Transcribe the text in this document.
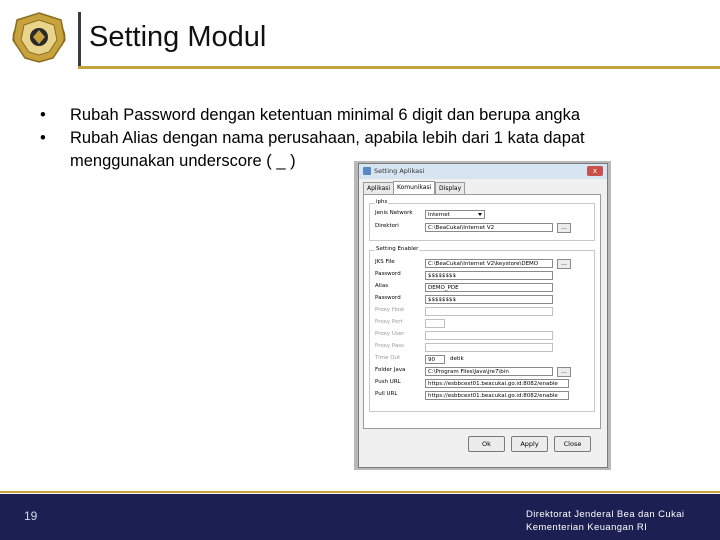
Setting Modul
• Rubah Password dengan ketentuan minimal 6 digit dan berupa angka
• Rubah Alias dengan nama perusahaan, apabila lebih dari 1 kata dapat menggunakan underscore ( _ )
Setting Aplikasi	x
Aplikasi	Komunikasi	Display
iphs
Jenis Network	Internet
Direktori	C:\BeaCukai\Internet V2	...
Setting Enabler
JKS File	C:\BeaCukai\Internet V2\keystore\DEMO	...
Password	$$$$$$$$
Alias	DEMO_PDE
Password	$$$$$$$$
Proxy Host
Proxy Port
Proxy User
Proxy Pass
Time Out	90	detik
Folder Java	C:\Program Files\Java\jre7\bin	...
Push URL	https://esbbcext01.beacukai.go.id:8082/enable
Pull URL	https://esbbcext01.beacukai.go.id:8082/enable
Ok	Apply	Close
19	Direktorat Jenderal Bea dan Cukai
Kementerian Keuangan RI
